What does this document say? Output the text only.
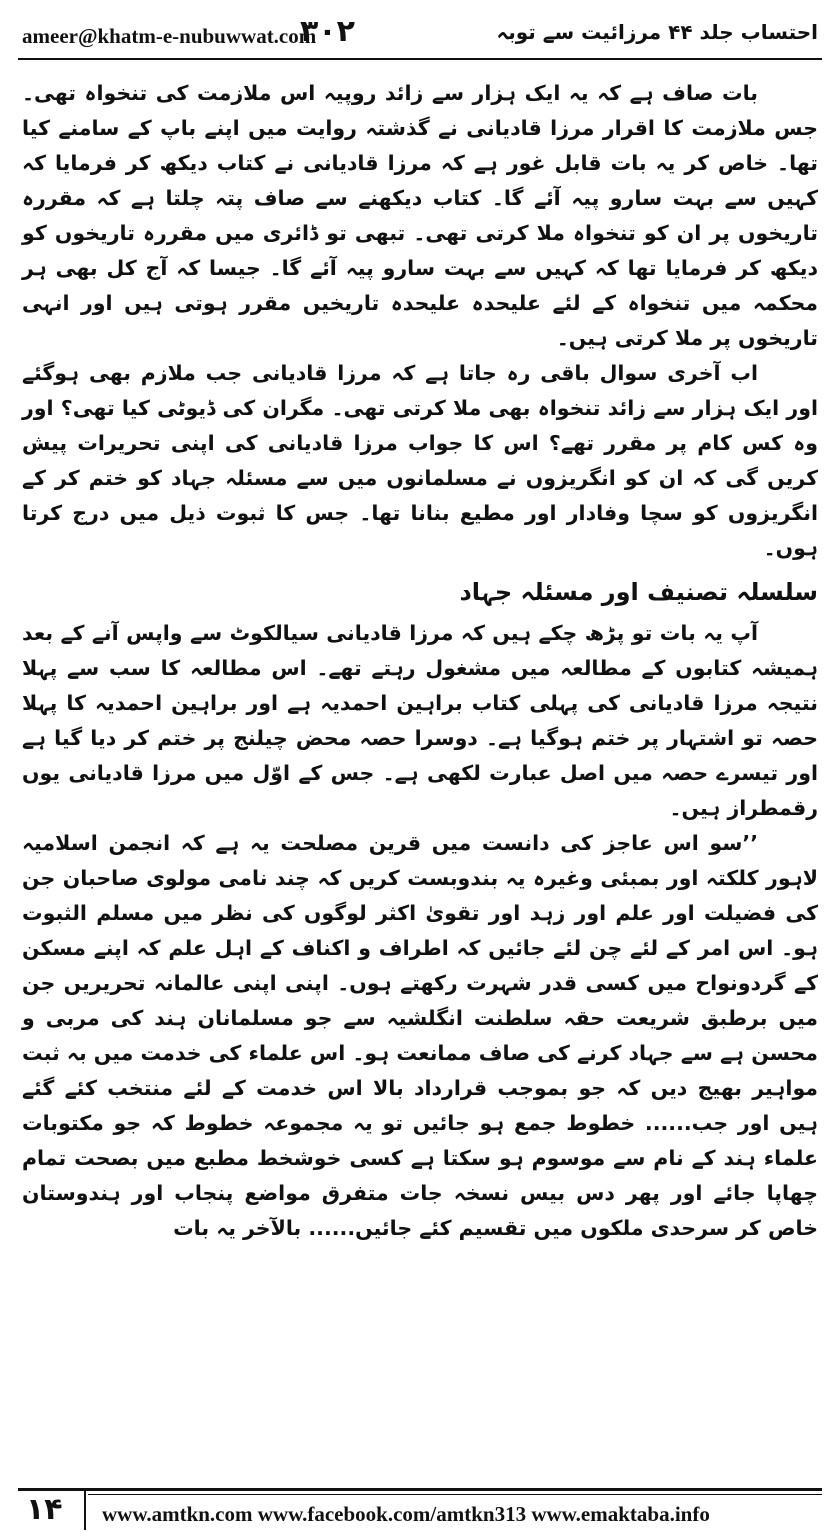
ameer@khatm-e-nubuwwat.com
۳۰۲	احتساب جلد ۴۴ مرزائیت سے توبہ

بات صاف ہے کہ یہ ایک ہزار سے زائد روپیہ اس ملازمت کی تنخواہ تھی۔ جس ملازمت کا اقرار مرزا قادیانی نے گذشتہ روایت میں اپنے باپ کے سامنے کیا تھا۔ خاص کر یہ بات قابل غور ہے کہ مرزا قادیانی نے کتاب دیکھ کر فرمایا کہ کہیں سے بہت سارو پیہ آئے گا۔ کتاب دیکھنے سے صاف پتہ چلتا ہے کہ مقررہ تاریخوں پر ان کو تنخواہ ملا کرتی تھی۔ تبھی تو ڈائری میں مقررہ تاریخوں کو دیکھ کر فرمایا تھا کہ کہیں سے بہت سارو پیہ آئے گا۔ جیسا کہ آج کل بھی ہر محکمہ میں تنخواہ کے لئے علیحدہ علیحدہ تاریخیں مقرر ہوتی ہیں اور انہی تاریخوں پر ملا کرتی ہیں۔

اب آخری سوال باقی رہ جاتا ہے کہ مرزا قادیانی جب ملازم بھی ہوگئے اور ایک ہزار سے زائد تنخواہ بھی ملا کرتی تھی۔ مگران کی ڈیوٹی کیا تھی؟ اور وہ کس کام پر مقرر تھے؟ اس کا جواب مرزا قادیانی کی اپنی تحریرات پیش کریں گی کہ ان کو انگریزوں نے مسلمانوں میں سے مسئلہ جہاد کو ختم کر کے انگریزوں کو سچا وفادار اور مطیع بنانا تھا۔ جس کا ثبوت ذیل میں درج کرتا ہوں۔

سلسلہ تصنیف اور مسئلہ جہاد

آپ یہ بات تو پڑھ چکے ہیں کہ مرزا قادیانی سیالکوٹ سے واپس آنے کے بعد ہمیشہ کتابوں کے مطالعہ میں مشغول رہتے تھے۔ اس مطالعہ کا سب سے پہلا نتیجہ مرزا قادیانی کی پہلی کتاب براہین احمدیہ ہے اور براہین احمدیہ کا پہلا حصہ تو اشتہار پر ختم ہوگیا ہے۔ دوسرا حصہ محض چیلنج پر ختم کر دیا گیا ہے اور تیسرے حصہ میں اصل عبارت لکھی ہے۔ جس کے اوّل میں مرزا قادیانی یوں رقمطراز ہیں۔

’’سو اس عاجز کی دانست میں قرین مصلحت یہ ہے کہ انجمن اسلامیہ لاہور کلکتہ اور بمبئی وغیرہ یہ بندوبست کریں کہ چند نامی مولوی صاحبان جن کی فضیلت اور علم اور زہد اور تقویٰ اکثر لوگوں کی نظر میں مسلم الثبوت ہو۔ اس امر کے لئے چن لئے جائیں کہ اطراف و اکناف کے اہل علم کہ اپنے مسکن کے گردونواح میں کسی قدر شہرت رکھتے ہوں۔ اپنی اپنی عالمانہ تحریریں جن میں برطبق شریعت حقہ سلطنت انگلشیہ سے جو مسلمانان ہند کی مربی و محسن ہے سے جہاد کرنے کی صاف ممانعت ہو۔ اس علماء کی خدمت میں بہ ثبت مواہیر بھیج دیں کہ جو بموجب قرارداد بالا اس خدمت کے لئے منتخب کئے گئے ہیں اور جب...... خطوط جمع ہو جائیں تو یہ مجموعہ خطوط کہ جو مکتوبات علماء ہند کے نام سے موسوم ہو سکتا ہے کسی خوشخط مطبع میں بصحت تمام چھاپا جائے اور پھر دس بیس نسخہ جات متفرق مواضع پنجاب اور ہندوستان خاص کر سرحدی ملکوں میں تقسیم کئے جائیں...... بالآخر یہ بات

۱۴ www.amtkn.com www.facebook.com/amtkn313 www.emaktaba.info
